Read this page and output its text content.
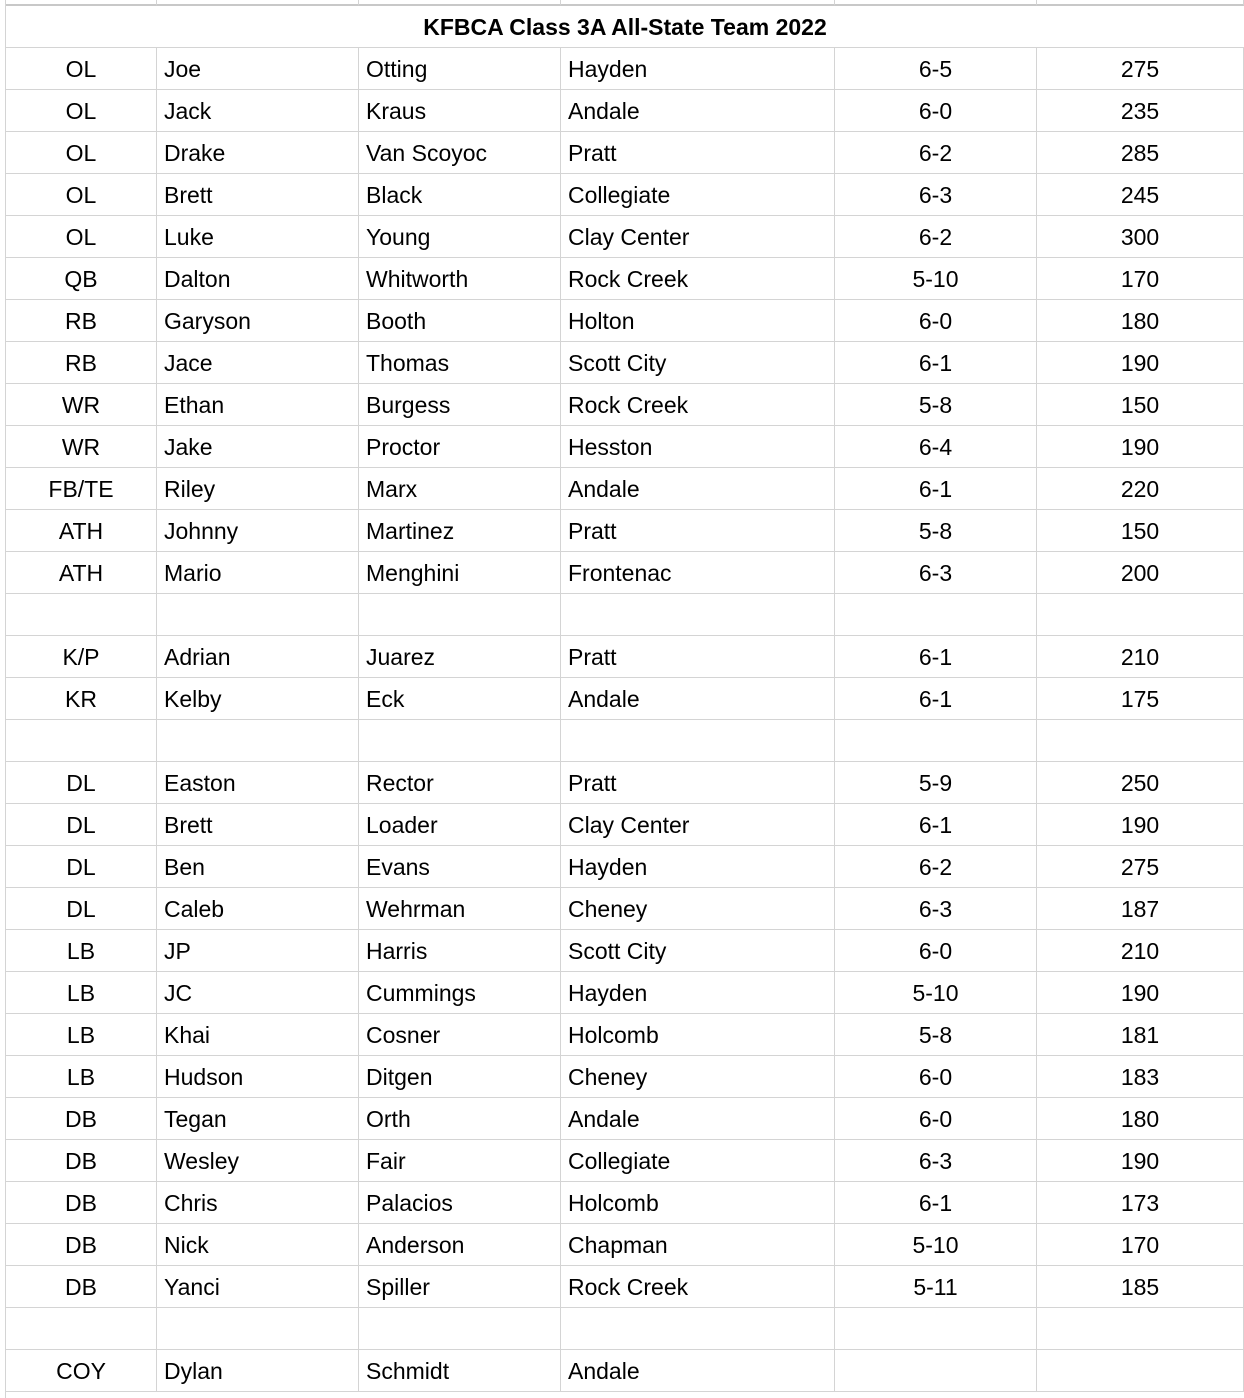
KFBCA Class 3A All-State Team 2022
OL	Joe	Otting	Hayden	6-5	275
OL	Jack	Kraus	Andale	6-0	235
OL	Drake	Van Scoyoc	Pratt	6-2	285
OL	Brett	Black	Collegiate	6-3	245
OL	Luke	Young	Clay Center	6-2	300
QB	Dalton	Whitworth	Rock Creek	5-10	170
RB	Garyson	Booth	Holton	6-0	180
RB	Jace	Thomas	Scott City	6-1	190
WR	Ethan	Burgess	Rock Creek	5-8	150
WR	Jake	Proctor	Hesston	6-4	190
FB/TE	Riley	Marx	Andale	6-1	220
ATH	Johnny	Martinez	Pratt	5-8	150
ATH	Mario	Menghini	Frontenac	6-3	200
K/P	Adrian	Juarez	Pratt	6-1	210
KR	Kelby	Eck	Andale	6-1	175
DL	Easton	Rector	Pratt	5-9	250
DL	Brett	Loader	Clay Center	6-1	190
DL	Ben	Evans	Hayden	6-2	275
DL	Caleb	Wehrman	Cheney	6-3	187
LB	JP	Harris	Scott City	6-0	210
LB	JC	Cummings	Hayden	5-10	190
LB	Khai	Cosner	Holcomb	5-8	181
LB	Hudson	Ditgen	Cheney	6-0	183
DB	Tegan	Orth	Andale	6-0	180
DB	Wesley	Fair	Collegiate	6-3	190
DB	Chris	Palacios	Holcomb	6-1	173
DB	Nick	Anderson	Chapman	5-10	170
DB	Yanci	Spiller	Rock Creek	5-11	185
COY	Dylan	Schmidt	Andale
